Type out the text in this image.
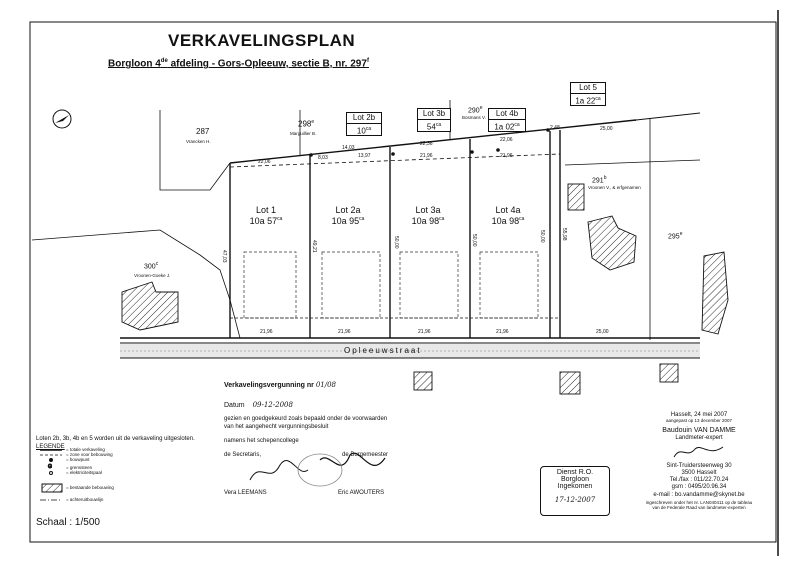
G
VERKAVELINGSPLAN
Borgloon 4de afdeling - Gors-Opleeuw, sectie B, nr. 297$^f$
287
Vrancken H.
298e
Marguillier B.
290e
Bosmans V.
291$^b$
Vroonen V., & erfgenamen
295e
300$^c$
Vroonen-Goeke J.
Lot 2b
$10^{ca}$
Lot 3b
$54^{ca}$
Lot 4b
1a $02^{ca}$
Lot 5
1a $22^{ca}$
Lot 1
10a $57^{ca}$
Lot 2a
10a $95^{ca}$
Lot 3a
10a $98^{ca}$
Lot 4a
10a $98^{ca}$
22,06
13,97	21,96	21,96
8,03
14,03
22,36
22,06
2,48	25,00
21,96	21,96	21,96	21,96	25,00
47,03
49,21	50,00	50,00	50,00	55,98
Opleeuwstraat
Loten 2b, 3b, 4b en 5 worden uit de verkaveling uitgesloten.
LEGENDE = totale verkaveling
= zone voor bebouwing
= bouwpunt
= grenssteen
= elektriciteitspaal
= bestaande bebouwing
= achteruitbouwlijn
Schaal : 1/500
Verkavelingsvergunning nr 01/08
Datum 09-12-2008
gezien en goedgekeurd zoals bepaald onder de voorwaarden
van het aangehecht vergunningsbesluit
namens het schepencollege
de Secretaris,	de Burgemeester
Vera LEEMANS	Eric AWOUTERS
Dienst R.O.
Borgloon
Ingekomen
17-12-2007
Hasselt, 24 mei 2007
aangepast op 13 december 2007
Baudouin VAN DAMME
Landmeter-expert
Sint-Truidersteenweg 30
3500 Hasselt
Tel./fax : 011/22.70.24
gsm : 0495/20.96.34
e-mail : bo.vandamme@skynet.be
ingeschreven onder het nr. LAN040411 op de tableau
van de Federale Raad van landmeter-experten
